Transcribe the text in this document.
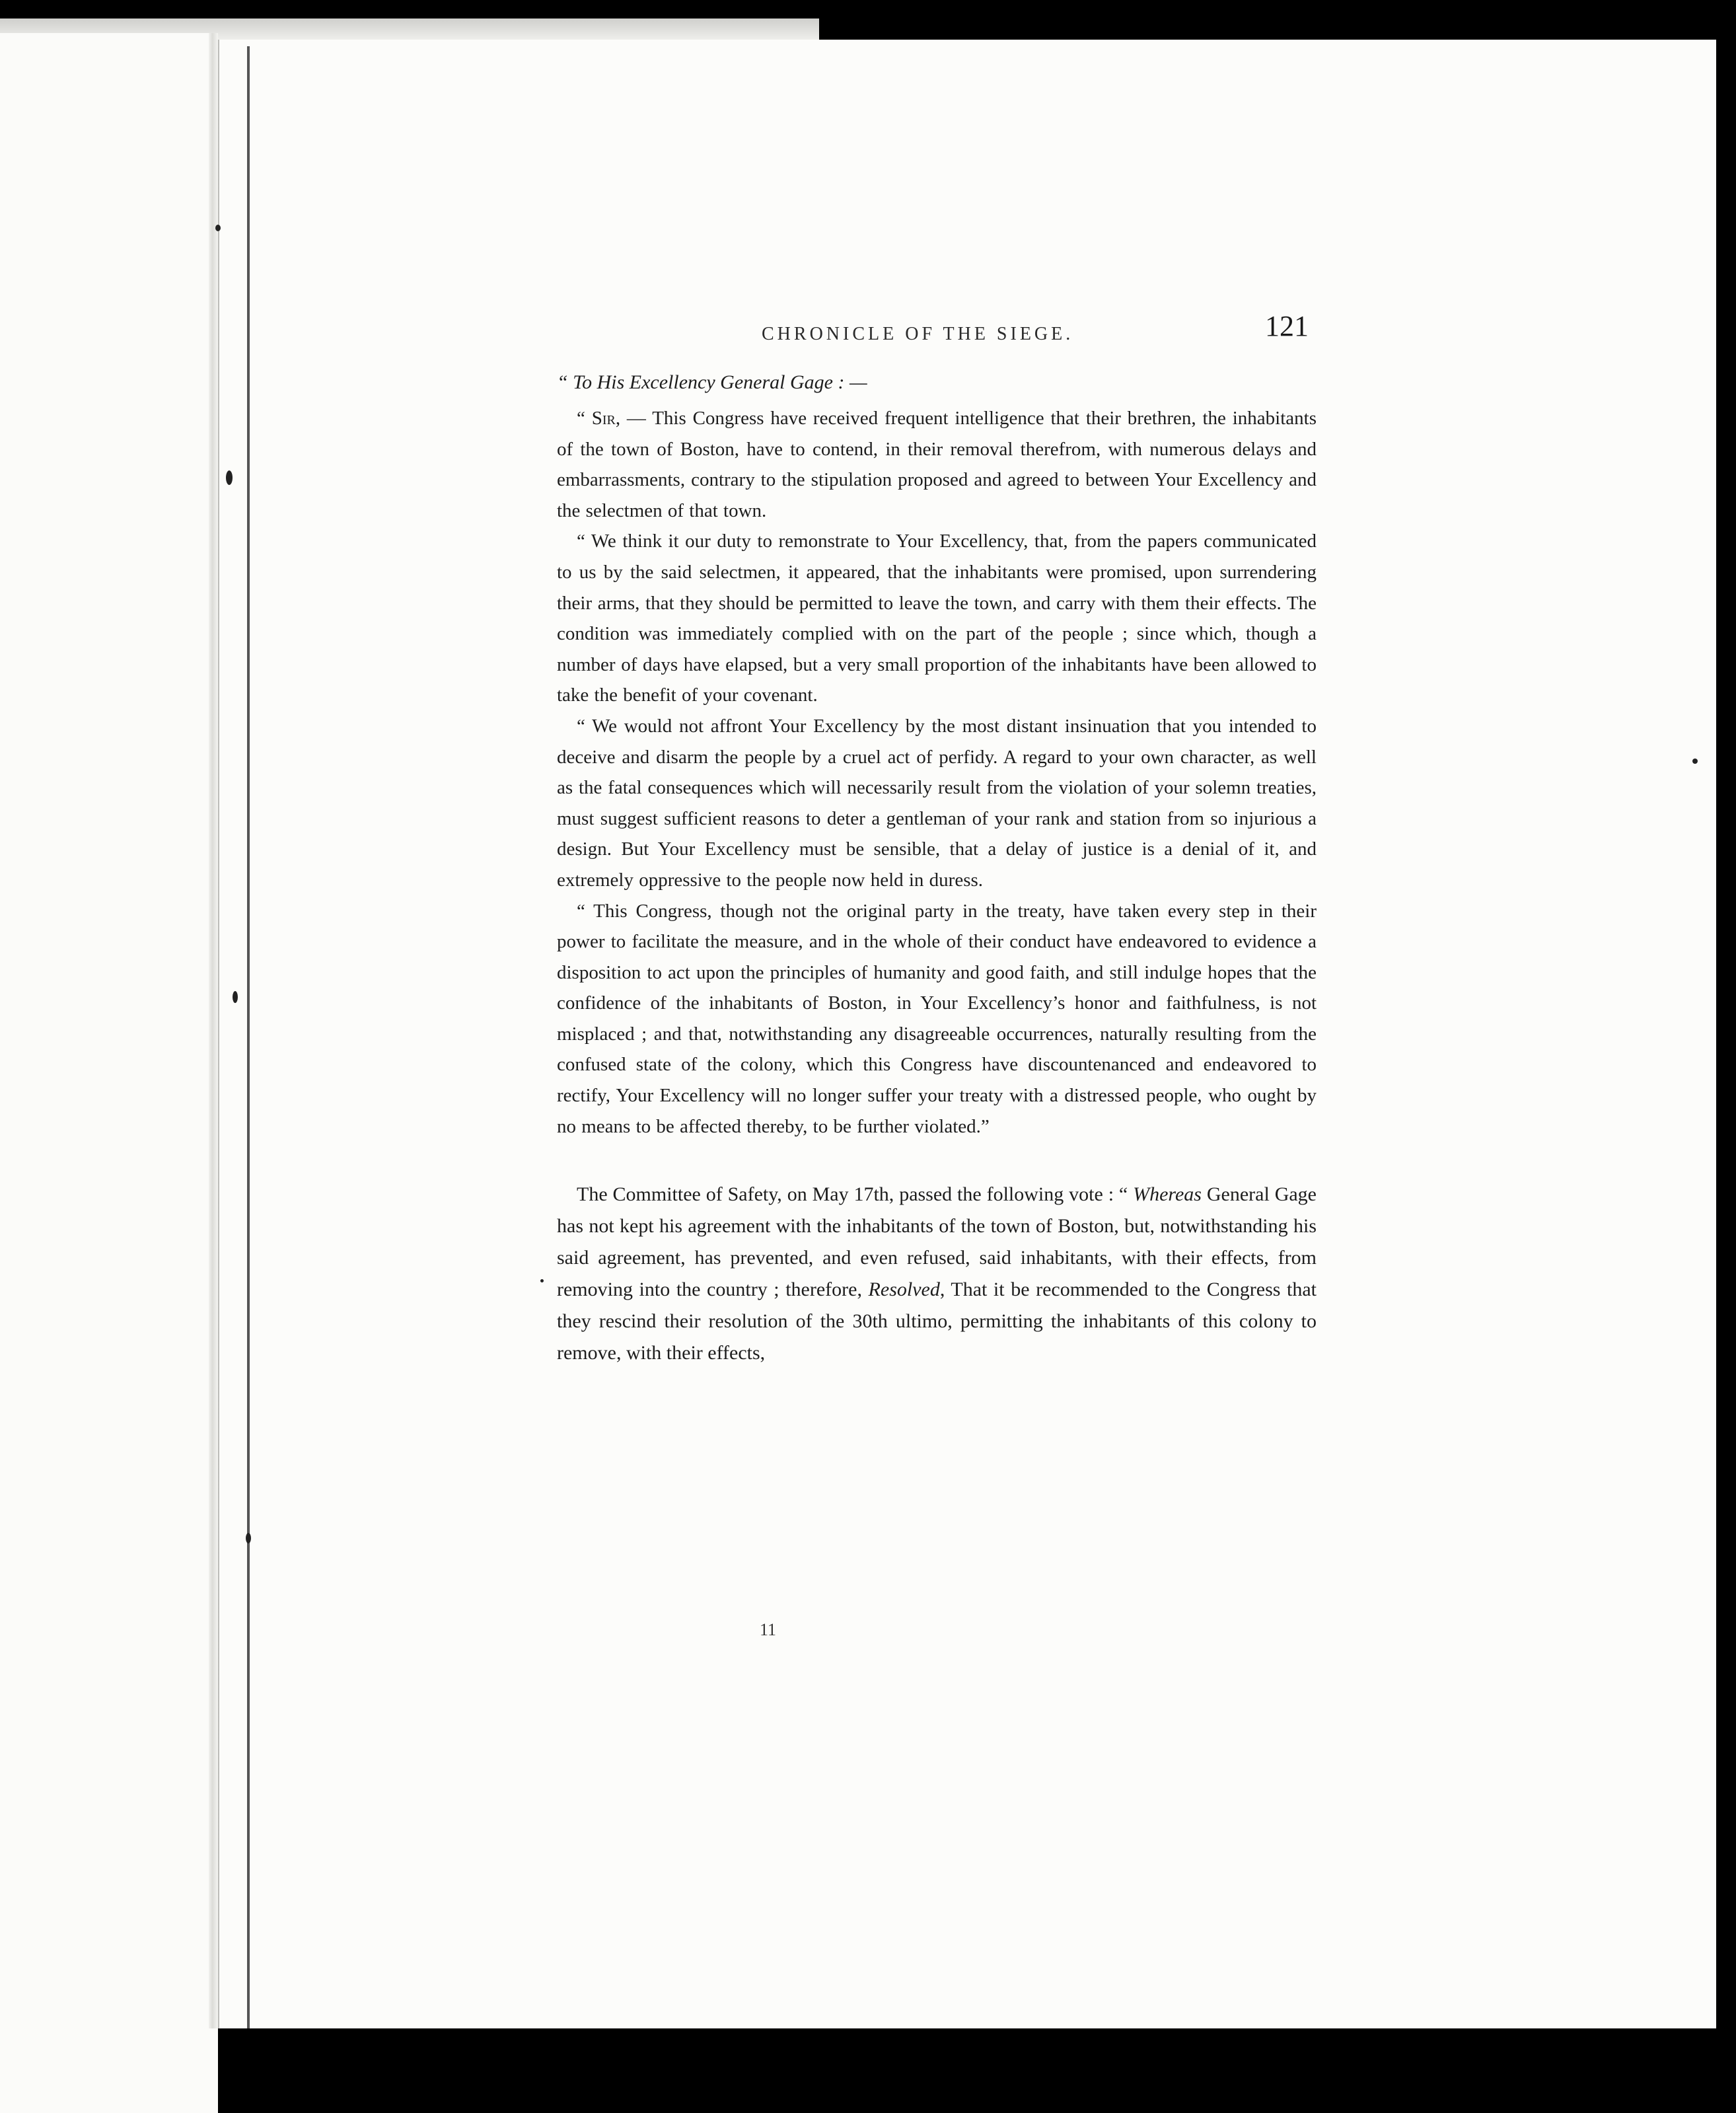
CHRONICLE OF THE SIEGE.	121

“ To His Excellency General Gage : —

“ Sir, — This Congress have received frequent intelligence that their brethren, the inhabitants of the town of Boston, have to contend, in their removal therefrom, with numerous delays and embarrassments, contrary to the stipulation proposed and agreed to between Your Excellency and the selectmen of that town.

“ We think it our duty to remonstrate to Your Excellency, that, from the papers communicated to us by the said selectmen, it appeared, that the inhabitants were promised, upon surrendering their arms, that they should be permitted to leave the town, and carry with them their effects. The condition was immediately complied with on the part of the people ; since which, though a number of days have elapsed, but a very small proportion of the inhabitants have been allowed to take the benefit of your covenant.

“ We would not affront Your Excellency by the most distant insinuation that you intended to deceive and disarm the people by a cruel act of perfidy. A regard to your own character, as well as the fatal consequences which will necessarily result from the violation of your solemn treaties, must suggest sufficient reasons to deter a gentleman of your rank and station from so injurious a design. But Your Excellency must be sensible, that a delay of justice is a denial of it, and extremely oppressive to the people now held in duress.

“ This Congress, though not the original party in the treaty, have taken every step in their power to facilitate the measure, and in the whole of their conduct have endeavored to evidence a disposition to act upon the principles of humanity and good faith, and still indulge hopes that the confidence of the inhabitants of Boston, in Your Excellency’s honor and faithfulness, is not misplaced ; and that, notwithstanding any disagreeable occurrences, naturally resulting from the confused state of the colony, which this Congress have discountenanced and endeavored to rectify, Your Excellency will no longer suffer your treaty with a distressed people, who ought by no means to be affected thereby, to be further violated.”

The Committee of Safety, on May 17th, passed the following vote : “ Whereas General Gage has not kept his agreement with the inhabitants of the town of Boston, but, notwithstanding his said agreement, has prevented, and even refused, said inhabitants, with their effects, from removing into the country ; therefore, Resolved, That it be recommended to the Congress that they rescind their resolution of the 30th ultimo, permitting the inhabitants of this colony to remove, with their effects,

11
